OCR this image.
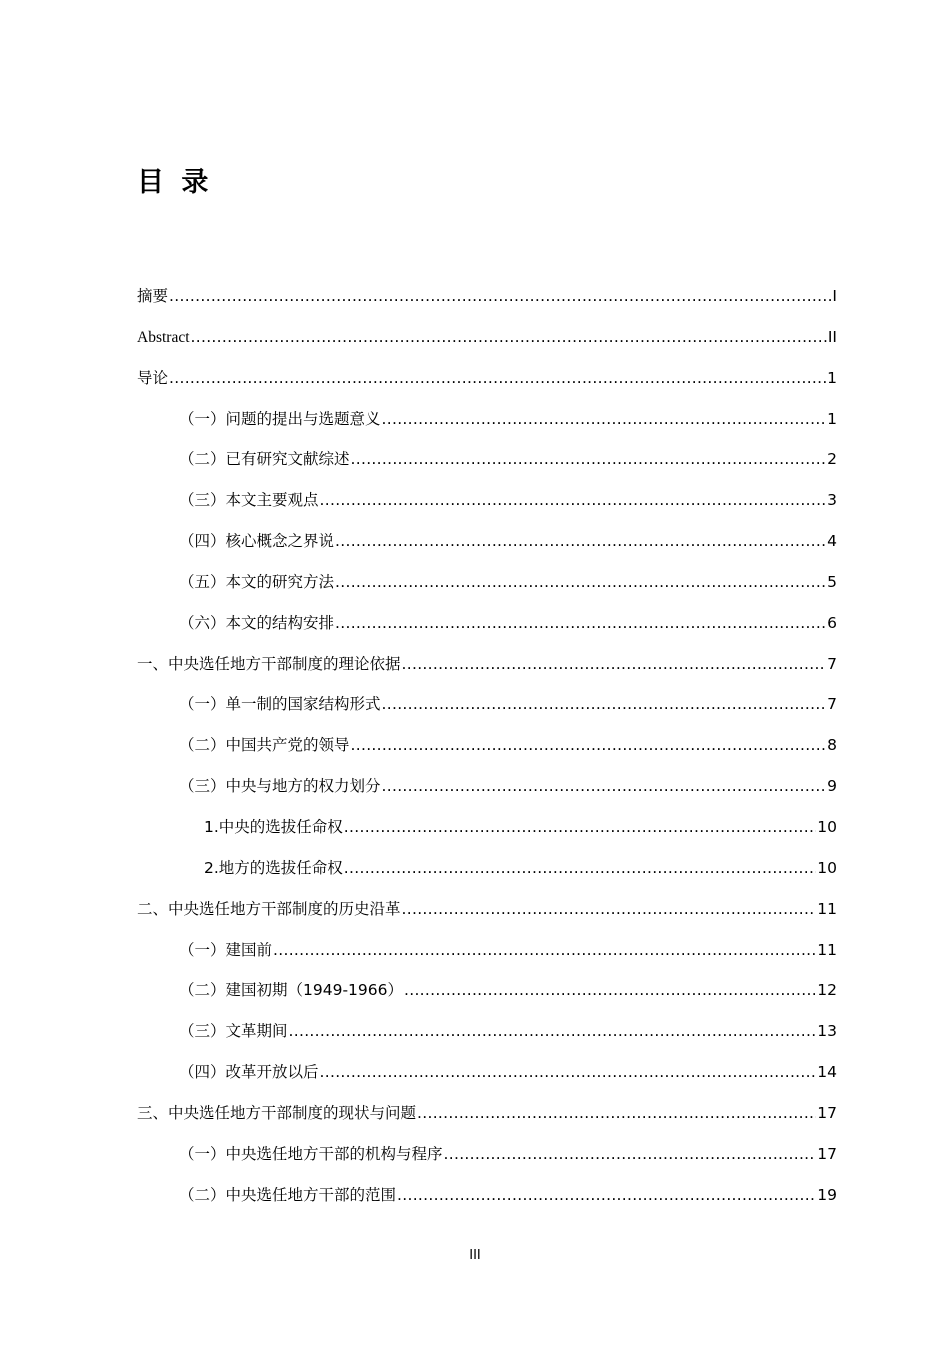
目 录
摘要 .....	I
Abstract .....	II
导论 .....	1
（一）问题的提出与选题意义 .....	1
（二）已有研究文献综述 .....	2
（三）本文主要观点 .....	3
（四）核心概念之界说 .....	4
（五）本文的研究方法 .....	5
（六）本文的结构安排 .....	6
一、中央选任地方干部制度的理论依据 .....	7
（一）单一制的国家结构形式 .....	7
（二）中国共产党的领导 .....	8
（三）中央与地方的权力划分 .....	9
1.中央的选拔任命权 .....	10
2.地方的选拔任命权 .....	10
二、中央选任地方干部制度的历史沿革 .....	11
（一）建国前 .....	11
（二）建国初期（1949-1966） .....	12
（三）文革期间 .....	13
（四）改革开放以后 .....	14
三、中央选任地方干部制度的现状与问题 .....	17
（一）中央选任地方干部的机构与程序 .....	17
（二）中央选任地方干部的范围 .....	19
III
